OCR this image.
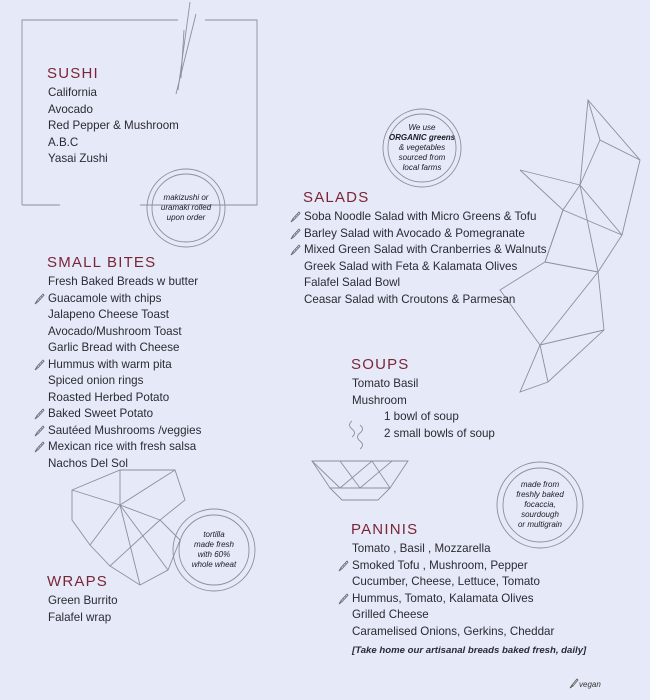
SUSHI
California
Avocado
Red Pepper & Mushroom
A.B.C
Yasai Zushi
makizushi or
uramaki rolled
upon order
SMALL BITES
Fresh Baked Breads w butter
Guacamole with chips
Jalapeno Cheese Toast
Avocado/Mushroom Toast
Garlic Bread with Cheese
Hummus with warm pita
Spiced onion rings
Roasted Herbed Potato
Baked Sweet Potato
Sautéed Mushrooms /veggies
Mexican rice with fresh salsa
Nachos Del Sol
WRAPS
Green Burrito
Falafel wrap
tortilla
made fresh
with 60%
whole wheat
We use
ORGANIC greens
& vegetables
sourced from
local farms
SALADS
Soba Noodle Salad with Micro Greens & Tofu
Barley Salad with Avocado & Pomegranate
Mixed Green Salad with Cranberries & Walnuts
Greek Salad with Feta & Kalamata Olives
Falafel Salad Bowl
Ceasar Salad with Croutons & Parmesan
SOUPS
Tomato Basil
Mushroom
1 bowl of soup
2 small bowls of soup
made from
freshly baked
focaccia,
sourdough
or multigrain
PANINIS
Tomato , Basil , Mozzarella
Smoked Tofu , Mushroom, Pepper
Cucumber, Cheese, Lettuce, Tomato
Hummus, Tomato, Kalamata Olives
Grilled Cheese
Caramelised Onions, Gerkins, Cheddar
[Take home our artisanal breads baked fresh, daily]
vegan
